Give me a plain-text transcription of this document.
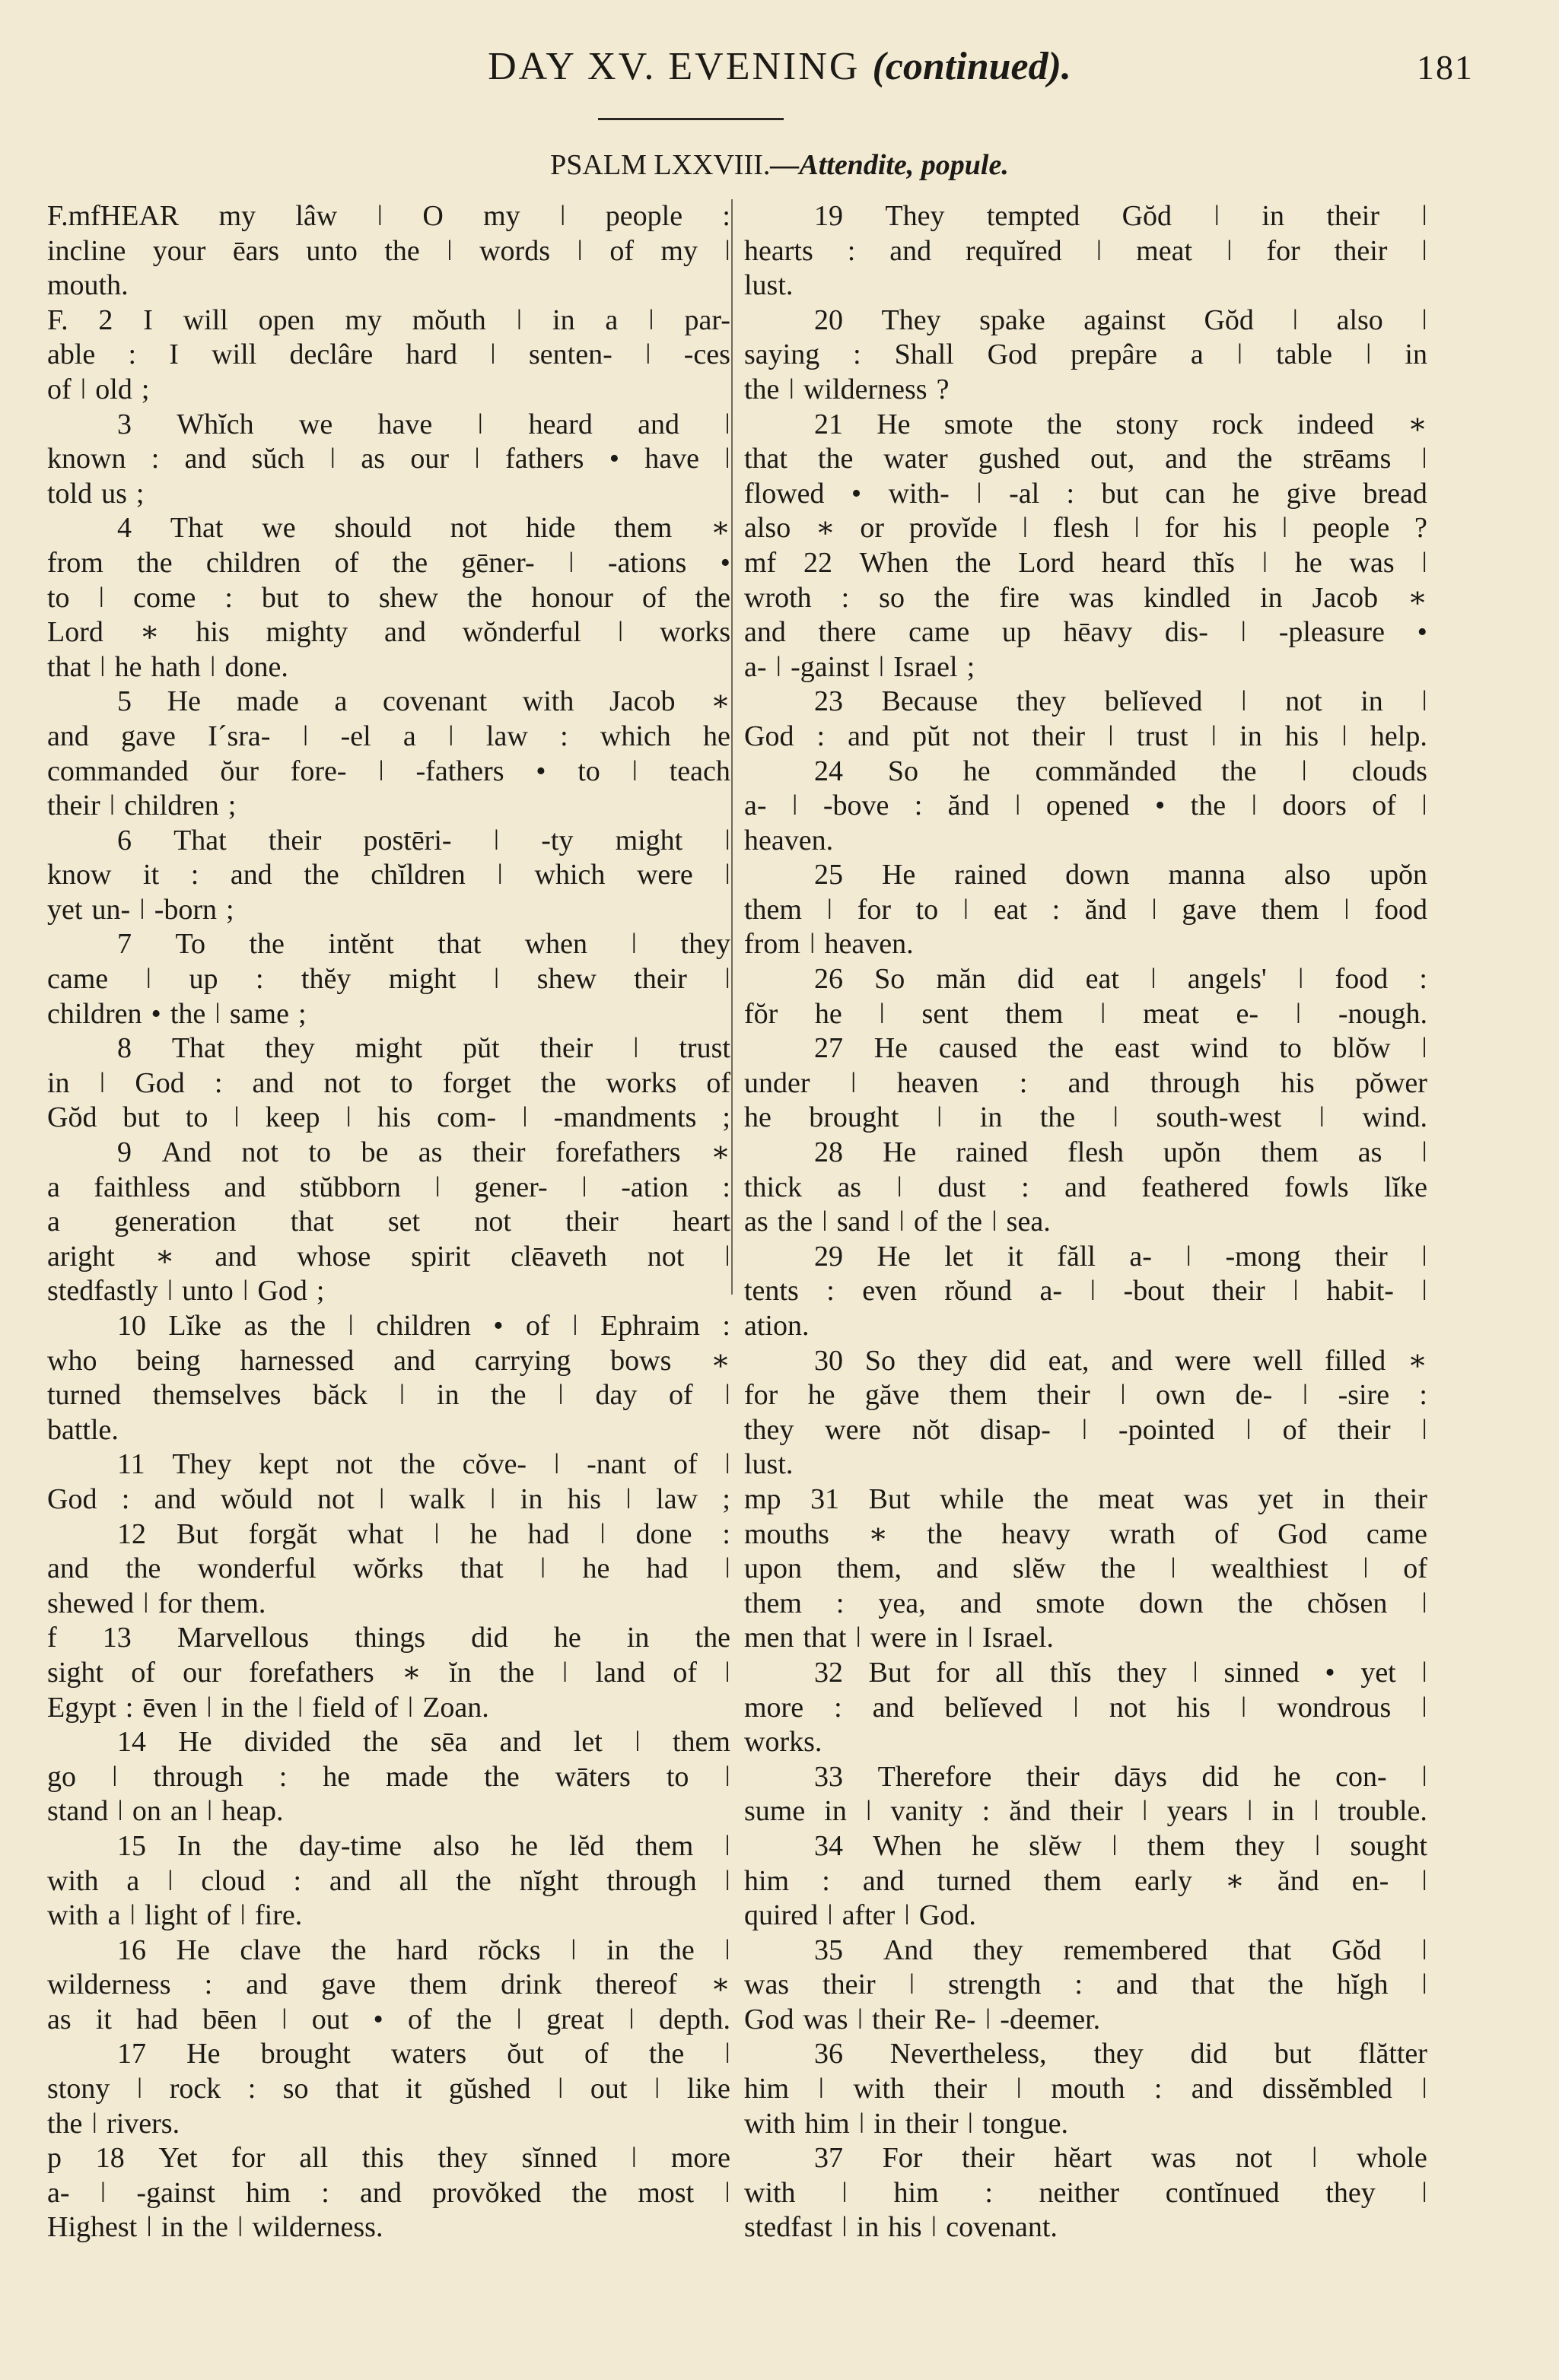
DAY XV. EVENING (continued).	181
PSALM LXXVIII.—Attendite, popule.
F.mfHEAR my lâw ǀ O my ǀ people :
incline your ēars unto the ǀ words ǀ of my ǀ
mouth.
F. 2 I will open my mŏuth ǀ in a ǀ par-
able : I will declâre hard ǀ senten- ǀ -ces
of ǀ old ;
3 Whĭch we have ǀ heard and ǀ
known : and sŭch ǀ as our ǀ fathers • have ǀ
told us ;
4 That we should not hide them ∗
from the children of the gēner- ǀ -ations •
to ǀ come : but to shew the honour of the
Lord ∗ his mighty and wŏnderful ǀ works
that ǀ he hath ǀ done.
5 He made a covenant with Jacob ∗
and gave Iˊsra- ǀ -el a ǀ law : which he
commanded ŏur fore- ǀ -fathers • to ǀ teach
their ǀ children ;
6 That their postēri- ǀ -ty might ǀ
know it : and the chĭldren ǀ which were ǀ
yet un- ǀ -born ;
7 To the intĕnt that when ǀ they
came ǀ up : thĕy might ǀ shew their ǀ
children • the ǀ same ;
8 That they might pŭt their ǀ trust
in ǀ God : and not to forget the works of
Gŏd but to ǀ keep ǀ his com- ǀ -mandments ;
9 And not to be as their forefathers ∗
a faithless and stŭbborn ǀ gener- ǀ -ation :
a generation that set not their heart
aright ∗ and whose spirit clēaveth not ǀ
stedfastly ǀ unto ǀ God ;
10 Lĭke as the ǀ children • of ǀ Ephraim :
who being harnessed and carrying bows ∗
turned themselves băck ǀ in the ǀ day of ǀ
battle.
11 They kept not the cŏve- ǀ -nant of ǀ
God : and wŏuld not ǀ walk ǀ in his ǀ law ;
12 But forgăt what ǀ he had ǀ done :
and the wonderful wŏrks that ǀ he had ǀ
shewed ǀ for them.
f 13 Marvellous things did he in the
sight of our forefathers ∗ ĭn the ǀ land of ǀ
Egypt : ēven ǀ in the ǀ field of ǀ Zoan.
14 He divided the sēa and let ǀ them
go ǀ through : he made the wāters to ǀ
stand ǀ on an ǀ heap.
15 In the day-time also he lĕd them ǀ
with a ǀ cloud : and all the nĭght through ǀ
with a ǀ light of ǀ fire.
16 He clave the hard rŏcks ǀ in the ǀ
wilderness : and gave them drink thereof ∗
as it had bēen ǀ out • of the ǀ great ǀ depth.
17 He brought waters ŏut of the ǀ
stony ǀ rock : so that it gŭshed ǀ out ǀ like
the ǀ rivers.
p 18 Yet for all this they sĭnned ǀ more
a- ǀ -gainst him : and provŏked the most ǀ
Highest ǀ in the ǀ wilderness.
19 They tempted Gŏd ǀ in their ǀ
hearts : and requĭred ǀ meat ǀ for their ǀ
lust.
20 They spake against Gŏd ǀ also ǀ
saying : Shall God prepâre a ǀ table ǀ in
the ǀ wilderness ?
21 He smote the stony rock indeed ∗
that the water gushed out, and the strēams ǀ
flowed • with- ǀ -al : but can he give bread
also ∗ or provĭde ǀ flesh ǀ for his ǀ people ?
mf 22 When the Lord heard thĭs ǀ he was ǀ
wroth : so the fire was kindled in Jacob ∗
and there came up hēavy dis- ǀ -pleasure •
a- ǀ -gainst ǀ Israel ;
23 Because they belĭeved ǀ not in ǀ
God : and pŭt not their ǀ trust ǀ in his ǀ help.
24 So he commănded the ǀ clouds
a- ǀ -bove : ănd ǀ opened • the ǀ doors of ǀ
heaven.
25 He rained down manna also upŏn
them ǀ for to ǀ eat : ănd ǀ gave them ǀ food
from ǀ heaven.
26 So măn did eat ǀ angels' ǀ food :
fŏr he ǀ sent them ǀ meat e- ǀ -nough.
27 He caused the east wind to blŏw ǀ
under ǀ heaven : and through his pŏwer
he brought ǀ in the ǀ south-west ǀ wind.
28 He rained flesh upŏn them as ǀ
thick as ǀ dust : and feathered fowls lĭke
as the ǀ sand ǀ of the ǀ sea.
29 He let it făll a- ǀ -mong their ǀ
tents : even rŏund a- ǀ -bout their ǀ habit- ǀ
ation.
30 So they did eat, and were well filled ∗
for he găve them their ǀ own de- ǀ -sire :
they were nŏt disap- ǀ -pointed ǀ of their ǀ
lust.
mp 31 But while the meat was yet in their
mouths ∗ the heavy wrath of God came
upon them, and slĕw the ǀ wealthiest ǀ of
them : yea, and smote down the chŏsen ǀ
men that ǀ were in ǀ Israel.
32 But for all thĭs they ǀ sinned • yet ǀ
more : and belĭeved ǀ not his ǀ wondrous ǀ
works.
33 Therefore their dāys did he con- ǀ
sume in ǀ vanity : ănd their ǀ years ǀ in ǀ trouble.
34 When he slĕw ǀ them they ǀ sought
him : and turned them early ∗ ănd en- ǀ
quired ǀ after ǀ God.
35 And they remembered that Gŏd ǀ
was their ǀ strength : and that the hĭgh ǀ
God was ǀ their Re- ǀ -deemer.
36 Nevertheless, they did but flătter
him ǀ with their ǀ mouth : and dissĕmbled ǀ
with him ǀ in their ǀ tongue.
37 For their hĕart was not ǀ whole
with ǀ him : neither contĭnued they ǀ
stedfast ǀ in his ǀ covenant.
